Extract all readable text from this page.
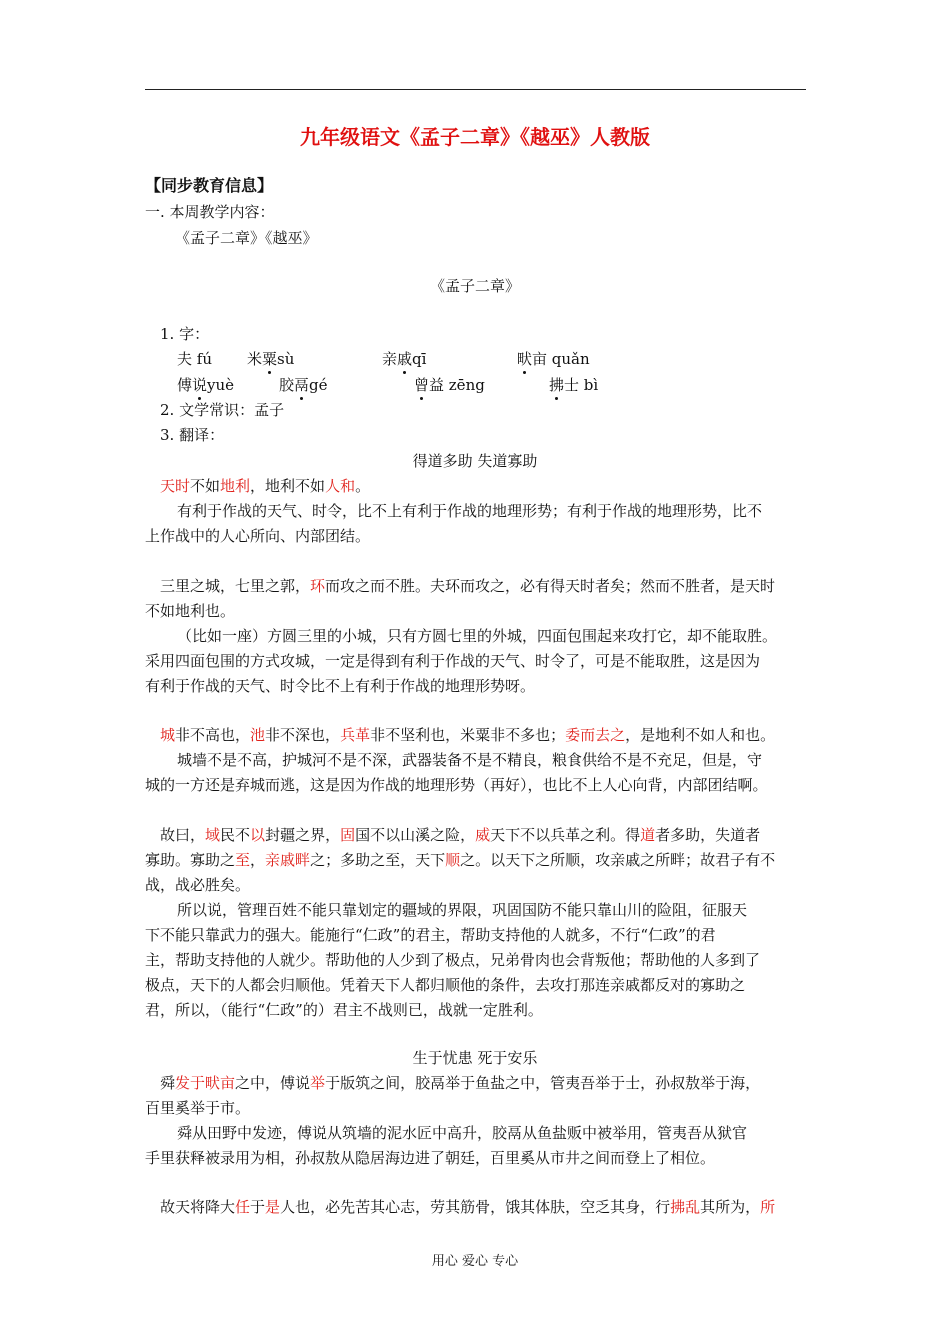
九年级语文《孟子二章》《越巫》人教版
【同步教育信息】
一. 本周教学内容：
《孟子二章》《越巫》
《孟子二章》
1. 字：
夫 fú 米粟sù	亲戚qī	畎亩 quǎn
傅说yuè	胶鬲gé	曾益 zēng	拂士 bì
2. 文学常识：孟子
3. 翻译：
得道多助 失道寡助
天时不如地利，地利不如人和。
有利于作战的天气、时令，比不上有利于作战的地理形势；有利于作战的地理形势，比不
上作战中的人心所向、内部团结。
三里之城，七里之郭，环而攻之而不胜。夫环而攻之，必有得天时者矣；然而不胜者，是天时
不如地利也。
（比如一座）方圆三里的小城，只有方圆七里的外城，四面包围起来攻打它，却不能取胜。
采用四面包围的方式攻城，一定是得到有利于作战的天气、时令了，可是不能取胜，这是因为
有利于作战的天气、时令比不上有利于作战的地理形势呀。
城非不高也，池非不深也，兵革非不坚利也，米粟非不多也；委而去之，是地利不如人和也。
城墙不是不高，护城河不是不深，武器装备不是不精良，粮食供给不是不充足，但是，守
城的一方还是弃城而逃，这是因为作战的地理形势（再好），也比不上人心向背，内部团结啊。
故曰，域民不以封疆之界，固国不以山溪之险，威天下不以兵革之利。得道者多助，失道者
寡助。寡助之至，亲戚畔之；多助之至，天下顺之。以天下之所顺，攻亲戚之所畔；故君子有不
战，战必胜矣。
所以说，管理百姓不能只靠划定的疆域的界限，巩固国防不能只靠山川的险阻，征服天
下不能只靠武力的强大。能施行“仁政”的君主，帮助支持他的人就多，不行“仁政”的君
主，帮助支持他的人就少。帮助他的人少到了极点，兄弟骨肉也会背叛他；帮助他的人多到了
极点，天下的人都会归顺他。凭着天下人都归顺他的条件，去攻打那连亲戚都反对的寡助之
君，所以，（能行“仁政”的）君主不战则已，战就一定胜利。
生于忧患 死于安乐
舜发于畎亩之中，傅说举于版筑之间，胶鬲举于鱼盐之中，管夷吾举于士，孙叔敖举于海，
百里奚举于市。
舜从田野中发迹，傅说从筑墙的泥水匠中高升，胶鬲从鱼盐贩中被举用，管夷吾从狱官
手里获释被录用为相，孙叔敖从隐居海边进了朝廷，百里奚从市井之间而登上了相位。
故天将降大任于是人也，必先苦其心志，劳其筋骨，饿其体肤，空乏其身，行拂乱其所为，所
用心 爱心 专心
